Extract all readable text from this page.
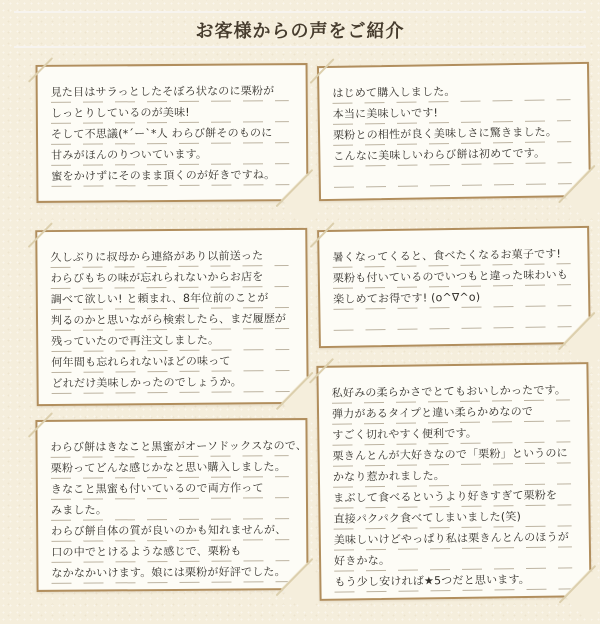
お客様からの声をご紹介

見た目はサラっとしたそぼろ状なのに栗粉が

しっとりしているのが美味!

そして不思議(*´ー`*人 わらび餅そのものに

甘みがほんのりついています。

蜜をかけずにそのまま頂くのが好きですね。

久しぶりに叔母から連絡があり以前送った

わらびもちの味が忘れられないからお店を

調べて欲しい! と頼まれ、8年位前のことが

判るのかと思いながら検索したら、まだ履歴が

残っていたので再注文しました。

何年間も忘れられないほどの味って

どれだけ美味しかったのでしょうか。

わらび餅はきなこと黒蜜がオーソドックスなので、

栗粉ってどんな感じかなと思い購入しました。

きなこと黒蜜も付いているので両方作って

みました。

わらび餅自体の質が良いのかも知れませんが、

口の中でとけるような感じで、栗粉も

なかなかいけます。娘には栗粉が好評でした。

はじめて購入しました。

本当に美味しいです!

栗粉との相性が良く美味しさに驚きました。

こんなに美味しいわらび餅は初めてです。

暑くなってくると、食べたくなるお菓子です!

栗粉も付いているのでいつもと違った味わいも

楽しめてお得です! (o^∇^o)

私好みの柔らかさでとてもおいしかったです。

弾力があるタイプと違い柔らかめなので

すごく切れやすく便利です。

栗きんとんが大好きなので「栗粉」というのに

かなり惹かれました。

まぶして食べるというより好きすぎて栗粉を

直接パクパク食べてしまいました(笑)

美味しいけどやっぱり私は栗きんとんのほうが

好きかな。

もう少し安ければ★5つだと思います。
